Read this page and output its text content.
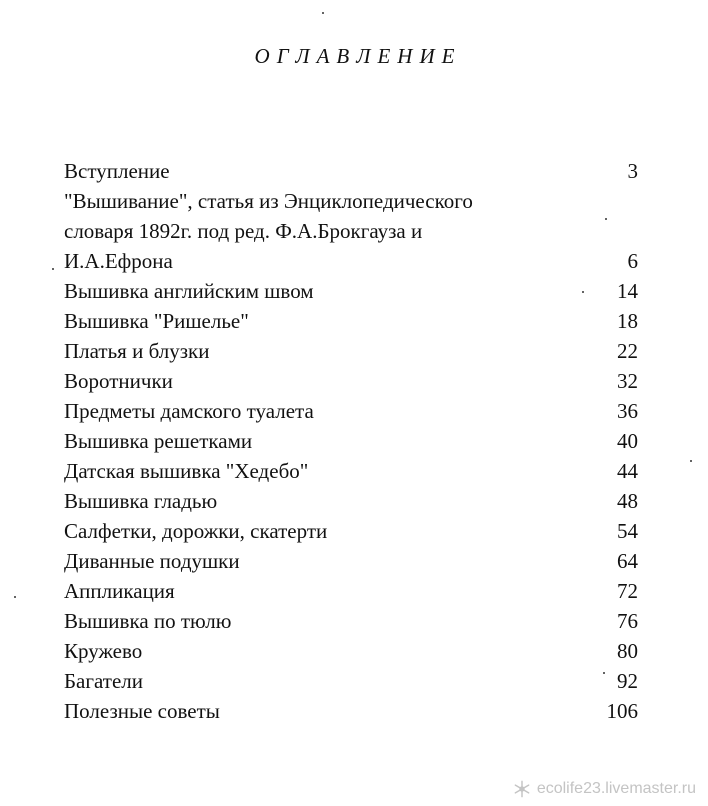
ОГЛАВЛЕНИЕ
Вступление	3
"Вышивание", статья из Энциклопедического
словаря 1892г. под ред. Ф.А.Брокгауза и
И.А.Ефрона	6
Вышивка английским швом	14
Вышивка "Ришелье"	18
Платья и блузки	22
Воротнички	32
Предметы дамского туалета	36
Вышивка решетками	40
Датская вышивка "Хедебо"	44
Вышивка гладью	48
Салфетки, дорожки, скатерти	54
Диванные подушки	64
Аппликация	72
Вышивка по тюлю	76
Кружево	80
Багатели	92
Полезные советы	106
ecolife23.livemaster.ru
